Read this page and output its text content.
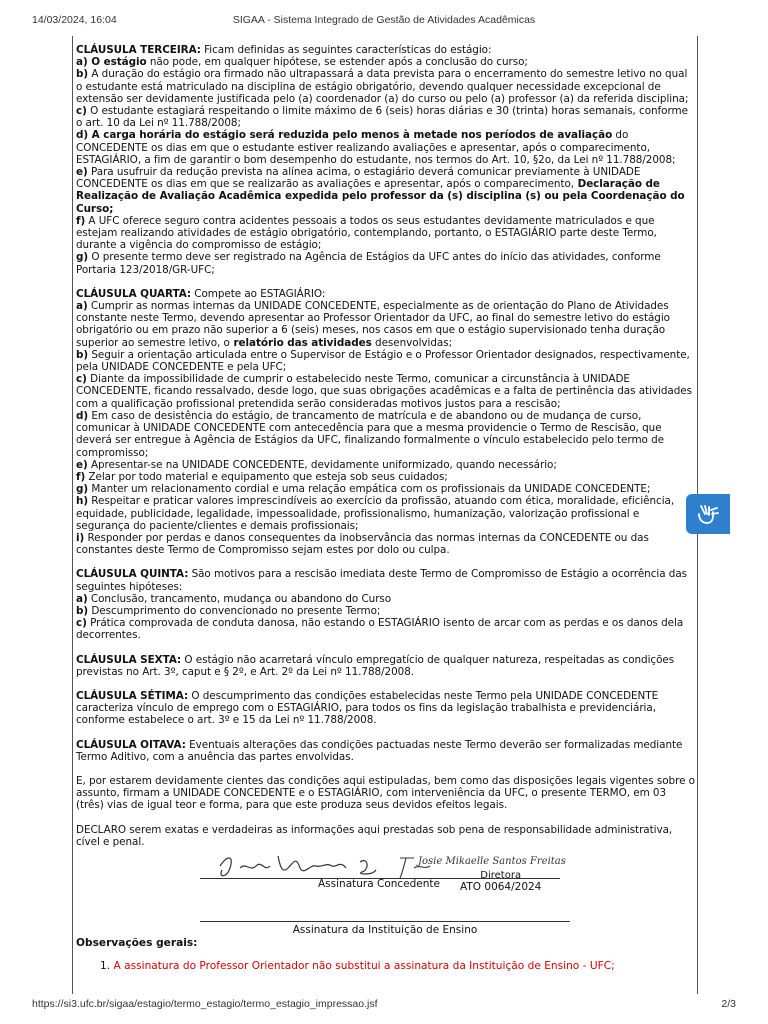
14/03/2024, 16:04	SIGAA - Sistema Integrado de Gestão de Atividades Acadêmicas

CLÁUSULA TERCEIRA: Ficam definidas as seguintes características do estágio:

a) O estágio não pode, em qualquer hipótese, se estender após a conclusão do curso;

b) A duração do estágio ora firmado não ultrapassará a data prevista para o encerramento do semestre letivo no qual o estudante está matriculado na disciplina de estágio obrigatório, devendo qualquer necessidade excepcional de extensão ser devidamente justificada pelo (a) coordenador (a) do curso ou pelo (a) professor (a) da referida disciplina;

c) O estudante estagiará respeitando o limite máximo de 6 (seis) horas diárias e 30 (trinta) horas semanais, conforme o art. 10 da Lei nº 11.788/2008;

d) A carga horária do estágio será reduzida pelo menos à metade nos períodos de avaliação do CONCEDENTE os dias em que o estudante estiver realizando avaliações e apresentar, após o comparecimento, ESTAGIÁRIO, a fim de garantir o bom desempenho do estudante, nos termos do Art. 10, §2o, da Lei nº 11.788/2008;

e) Para usufruir da redução prevista na alínea acima, o estagiário deverá comunicar previamente à UNIDADE CONCEDENTE os dias em que se realizarão as avaliações e apresentar, após o comparecimento, Declaração de Realização de Avaliação Acadêmica expedida pelo professor da (s) disciplina (s) ou pela Coordenação do Curso;

f) A UFC oferece seguro contra acidentes pessoais a todos os seus estudantes devidamente matriculados e que estejam realizando atividades de estágio obrigatório, contemplando, portanto, o ESTAGIÁRIO parte deste Termo, durante a vigência do compromisso de estágio;

g) O presente termo deve ser registrado na Agência de Estágios da UFC antes do início das atividades, conforme Portaria 123/2018/GR-UFC;

CLÁUSULA QUARTA: Compete ao ESTAGIÁRIO:

a) Cumprir as normas internas da UNIDADE CONCEDENTE, especialmente as de orientação do Plano de Atividades constante neste Termo, devendo apresentar ao Professor Orientador da UFC, ao final do semestre letivo do estágio obrigatório ou em prazo não superior a 6 (seis) meses, nos casos em que o estágio supervisionado tenha duração superior ao semestre letivo, o relatório das atividades desenvolvidas;

b) Seguir a orientação articulada entre o Supervisor de Estágio e o Professor Orientador designados, respectivamente, pela UNIDADE CONCEDENTE e pela UFC;

c) Diante da impossibilidade de cumprir o estabelecido neste Termo, comunicar a circunstância à UNIDADE CONCEDENTE, ficando ressalvado, desde logo, que suas obrigações acadêmicas e a falta de pertinência das atividades com a qualificação profissional pretendida serão consideradas motivos justos para a rescisão;

d) Em caso de desistência do estágio, de trancamento de matrícula e de abandono ou de mudança de curso, comunicar à UNIDADE CONCEDENTE com antecedência para que a mesma providencie o Termo de Rescisão, que deverá ser entregue à Agência de Estágios da UFC, finalizando formalmente o vínculo estabelecido pelo termo de compromisso;

e) Apresentar-se na UNIDADE CONCEDENTE, devidamente uniformizado, quando necessário;

f) Zelar por todo material e equipamento que esteja sob seus cuidados;

g) Manter um relacionamento cordial e uma relação empática com os profissionais da UNIDADE CONCEDENTE;

h) Respeitar e praticar valores imprescindíveis ao exercício da profissão, atuando com ética, moralidade, eficiência, equidade, publicidade, legalidade, impessoalidade, profissionalismo, humanização, valorização profissional e segurança do paciente/clientes e demais profissionais;

i) Responder por perdas e danos consequentes da inobservância das normas internas da CONCEDENTE ou das constantes deste Termo de Compromisso sejam estes por dolo ou culpa.

CLÁUSULA QUINTA: São motivos para a rescisão imediata deste Termo de Compromisso de Estágio a ocorrência das seguintes hipóteses:

a) Conclusão, trancamento, mudança ou abandono do Curso

b) Descumprimento do convencionado no presente Termo;

c) Prática comprovada de conduta danosa, não estando o ESTAGIÁRIO isento de arcar com as perdas e os danos dela decorrentes.

CLÁUSULA SEXTA: O estágio não acarretará vínculo empregatício de qualquer natureza, respeitadas as condições previstas no Art. 3º, caput e § 2º, e Art. 2º da Lei nº 11.788/2008.

CLÁUSULA SÉTIMA: O descumprimento das condições estabelecidas neste Termo pela UNIDADE CONCEDENTE caracteriza vínculo de emprego com o ESTAGIÁRIO, para todos os fins da legislação trabalhista e previdenciária, conforme estabelece o art. 3º e 15 da Lei nº 11.788/2008.

CLÁUSULA OITAVA: Eventuais alterações das condições pactuadas neste Termo deverão ser formalizadas mediante Termo Aditivo, com a anuência das partes envolvidas.

E, por estarem devidamente cientes das condições aqui estipuladas, bem como das disposições legais vigentes sobre o assunto, firmam a UNIDADE CONCEDENTE e o ESTAGIÁRIO, com interveniência da UFC, o presente TERMO, em 03 (três) vias de igual teor e forma, para que este produza seus devidos efeitos legais.

DECLARO serem exatas e verdadeiras as informações aqui prestadas sob pena de responsabilidade administrativa, cível e penal.

Josie Mikaelle Santos Freitas
Assinatura Concedente
Diretora
ATO 0064/2024
Assinatura da Instituição de Ensino
Observações gerais:
1. A assinatura do Professor Orientador não substitui a assinatura da Instituição de Ensino - UFC;
https://si3.ufc.br/sigaa/estagio/termo_estagio/termo_estagio_impressao.jsf	2/3
